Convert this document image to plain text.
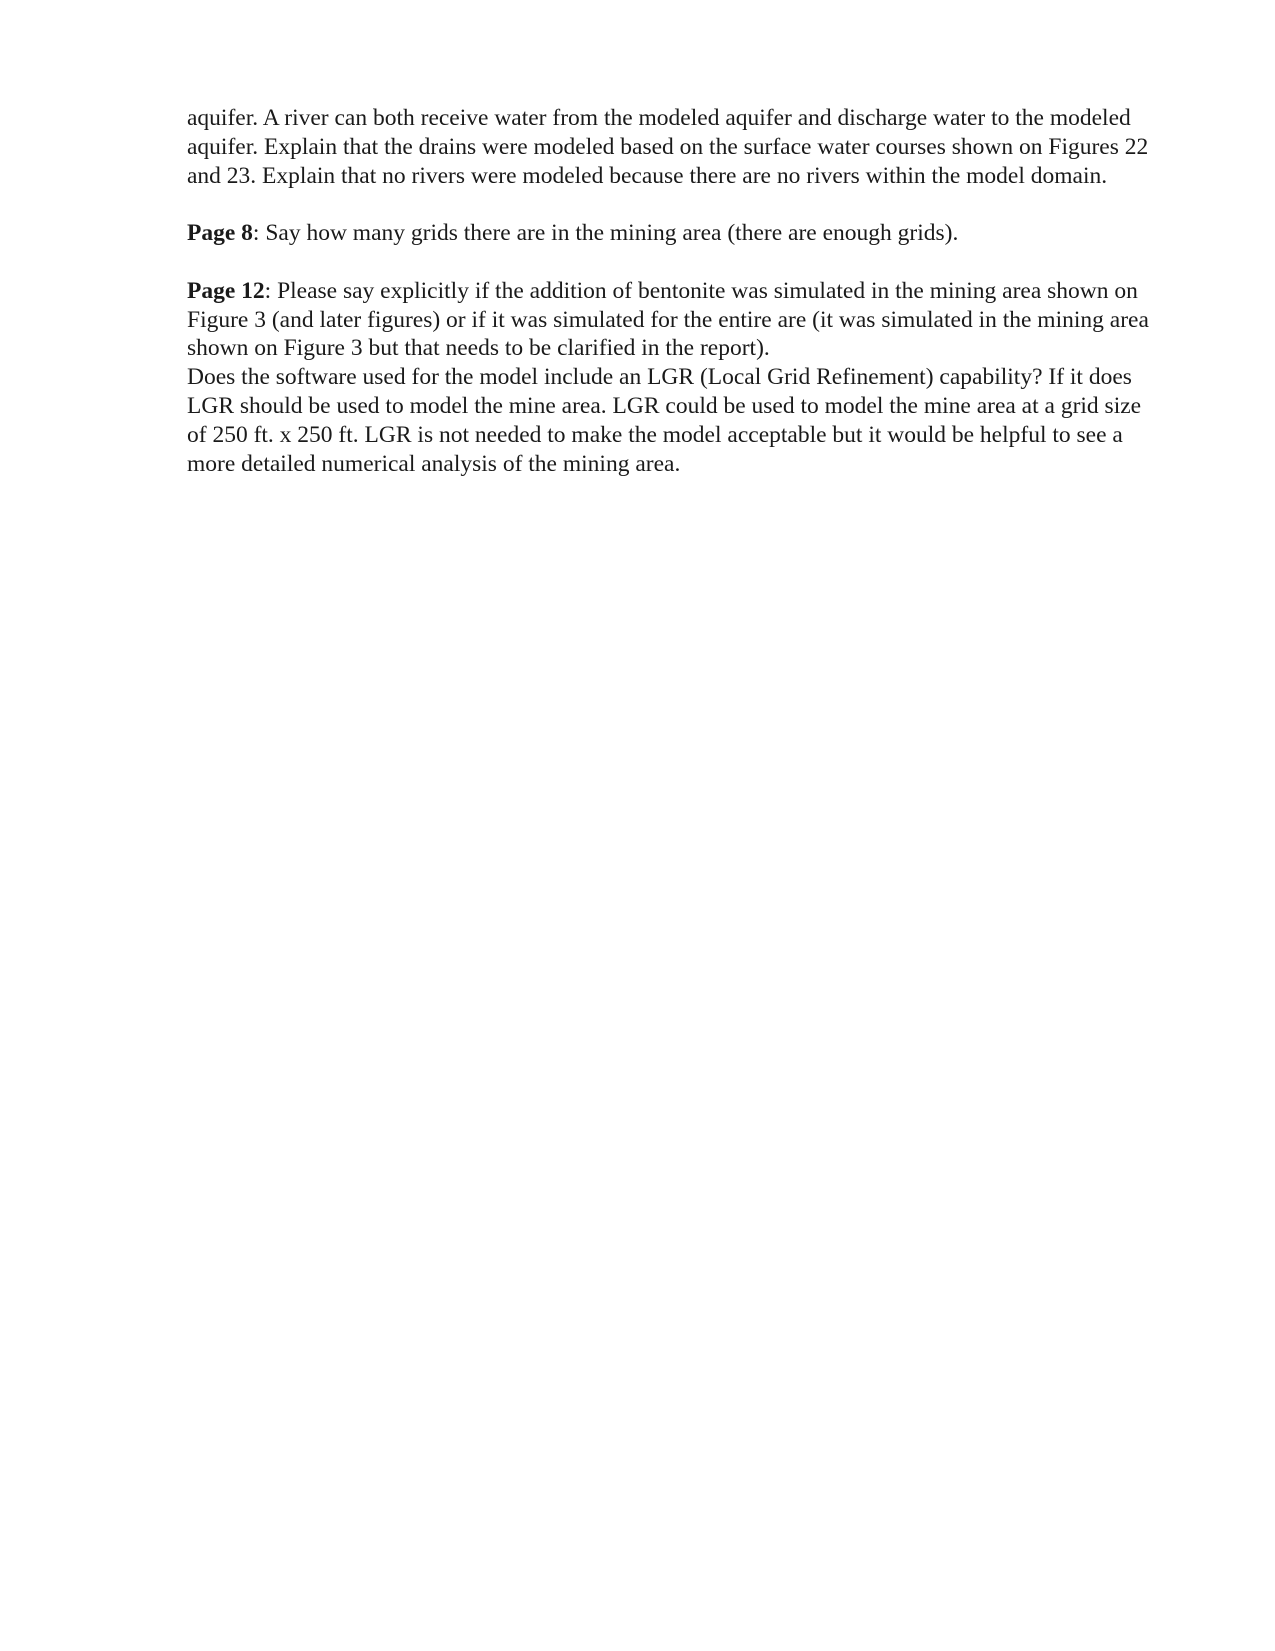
aquifer. A river can both receive water from the modeled aquifer and discharge water to the modeled aquifer. Explain that the drains were modeled based on the surface water courses shown on Figures 22 and 23. Explain that no rivers were modeled because there are no rivers within the model domain.

Page 8: Say how many grids there are in the mining area (there are enough grids).

Page 12: Please say explicitly if the addition of bentonite was simulated in the mining area shown on Figure 3 (and later figures) or if it was simulated for the entire are (it was simulated in the mining area shown on Figure 3 but that needs to be clarified in the report).

Does the software used for the model include an LGR (Local Grid Refinement) capability? If it does LGR should be used to model the mine area. LGR could be used to model the mine area at a grid size of 250 ft. x 250 ft. LGR is not needed to make the model acceptable but it would be helpful to see a more detailed numerical analysis of the mining area.
